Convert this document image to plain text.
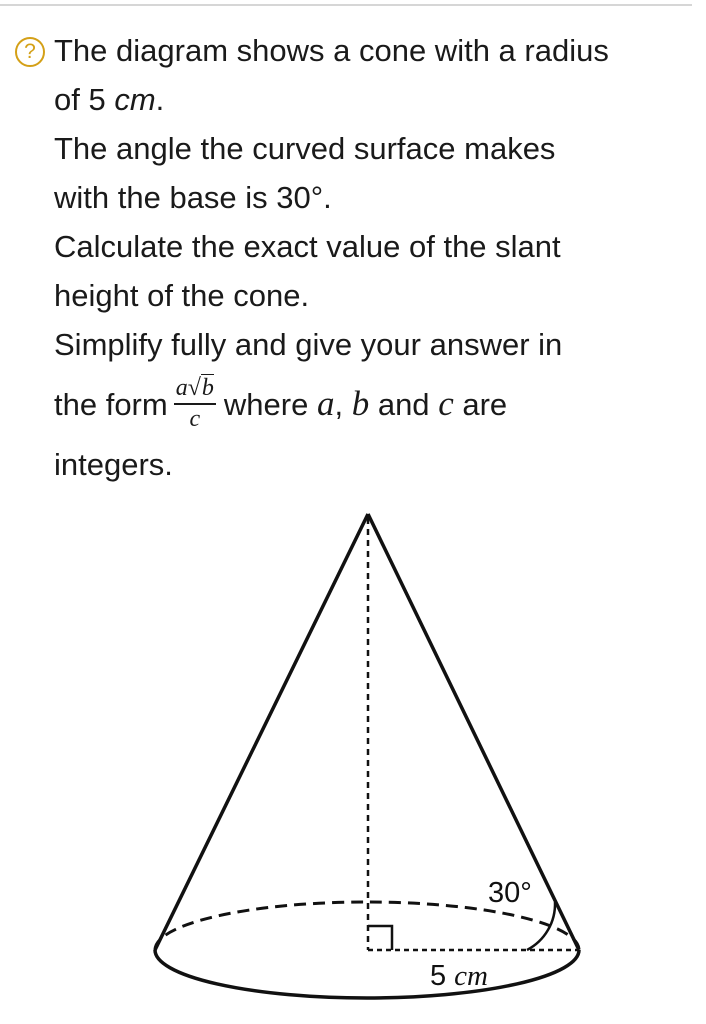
? The diagram shows a cone with a radius
of 5 cm.
The angle the curved surface makes
with the base is 30°.
Calculate the exact value of the slant
height of the cone.
Simplify fully and give your answer in
the form $\frac{a√b}{c}$ where a, b and c are
integers.
30°
5 cm
